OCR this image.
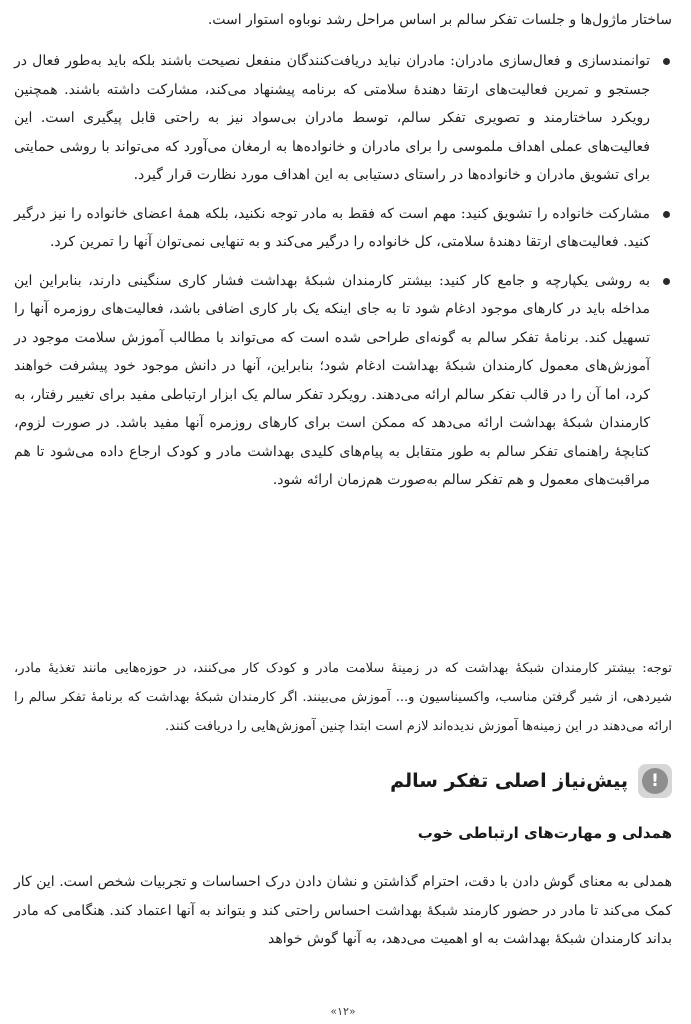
ساختار ماژول‌ها و جلسات تفکر سالم بر اساس مراحل رشد نوباوه استوار است.

توانمندسازی و فعال‌سازی مادران: مادران نباید دریافت‌کنندگان منفعل نصیحت باشند بلکه باید به‌طور فعال در جستجو و تمرین فعالیت‌های ارتقا دهندهٔ سلامتی که برنامه پیشنهاد می‌کند، مشارکت داشته باشند. همچنین رویکرد ساختارمند و تصویری تفکر سالم، توسط مادران بی‌سواد نیز به راحتی قابل پیگیری است. این فعالیت‌های عملی اهداف ملموسی را برای مادران و خانواده‌ها به ارمغان می‌آورد که می‌تواند با روشی حمایتی برای تشویق مادران و خانواده‌ها در راستای دستیابی به این اهداف مورد نظارت قرار گیرد.

مشارکت خانواده را تشویق کنید: مهم است که فقط به مادر توجه نکنید، بلکه همهٔ اعضای خانواده را نیز درگیر کنید. فعالیت‌های ارتقا دهندهٔ سلامتی، کل خانواده را درگیر می‌کند و به تنهایی نمی‌توان آنها را تمرین کرد.

به روشی یکپارچه و جامع کار کنید: بیشتر کارمندان شبکهٔ بهداشت فشار کاری سنگینی دارند، بنابراین این مداخله باید در کارهای موجود ادغام شود تا به جای اینکه یک بار کاری اضافی باشد، فعالیت‌های روزمره آنها را تسهیل کند. برنامهٔ تفکر سالم به گونه‌ای طراحی شده است که می‌تواند با مطالب آموزش سلامت موجود در آموزش‌های معمول کارمندان شبکهٔ بهداشت ادغام شود؛ بنابراین، آنها در دانش موجود خود پیشرفت خواهند کرد، اما آن را در قالب تفکر سالم ارائه می‌دهند. رویکرد تفکر سالم یک ابزار ارتباطی مفید برای تغییر رفتار، به کارمندان شبکهٔ بهداشت ارائه می‌دهد که ممکن است برای کارهای روزمره آنها مفید باشد. در صورت لزوم، کتابچهٔ راهنمای تفکر سالم به طور متقابل به پیام‌های کلیدی بهداشت مادر و کودک ارجاع داده می‌شود تا هم مراقبت‌های معمول و هم تفکر سالم به‌صورت هم‌زمان ارائه شود.

توجه: بیشتر کارمندان شبکهٔ بهداشت که در زمینهٔ سلامت مادر و کودک کار می‌کنند، در حوزه‌هایی مانند تغذیهٔ مادر، شیردهی، از شیر گرفتن مناسب، واکسیناسیون و... آموزش می‌بینند. اگر کارمندان شبکهٔ بهداشت که برنامهٔ تفکر سالم را ارائه می‌دهند در این زمینه‌ها آموزش ندیده‌اند لازم است ابتدا چنین آموزش‌هایی را دریافت کنند.

!
پیش‌نیاز اصلی تفکر سالم
همدلی و مهارت‌های ارتباطی خوب

همدلی به معنای گوش دادن با دقت، احترام گذاشتن و نشان دادن درک احساسات و تجربیات شخص است. این کار کمک می‌کند تا مادر در حضور کارمند شبکهٔ بهداشت احساس راحتی کند و بتواند به آنها اعتماد کند. هنگامی که مادر بداند کارمندان شبکهٔ بهداشت به او اهمیت می‌دهد، به آنها گوش خواهد

«۱۲»
